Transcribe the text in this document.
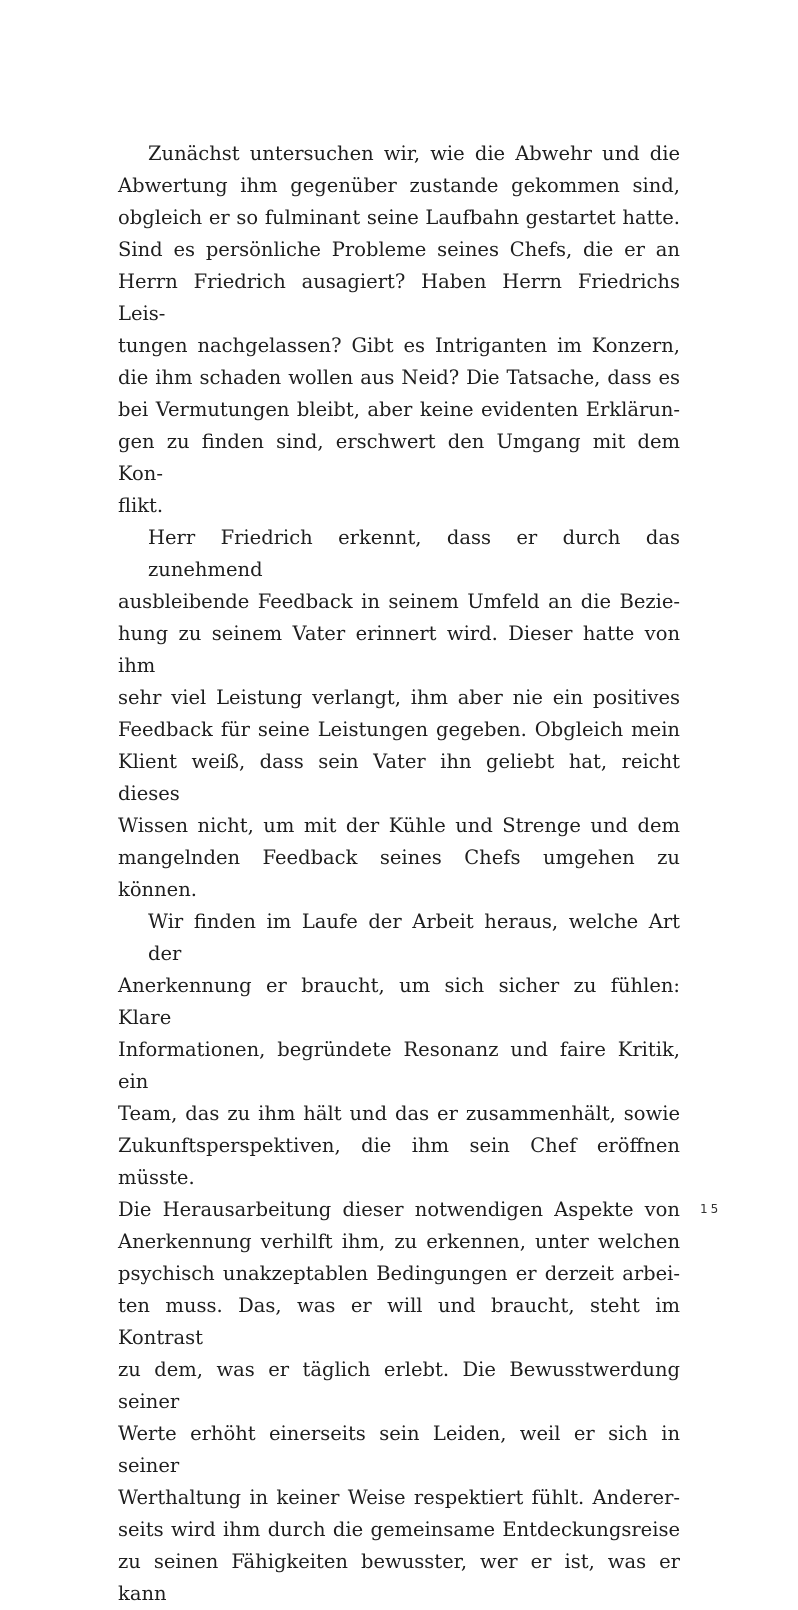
Zunächst untersuchen wir, wie die Abwehr und die
Abwertung ihm gegenüber zustande gekommen sind,
obgleich er so fulminant seine Laufbahn gestartet hatte.
Sind es persönliche Probleme seines Chefs, die er an
Herrn Friedrich ausagiert? Haben Herrn Friedrichs Leis-
tungen nachgelassen? Gibt es Intriganten im Konzern,
die ihm schaden wollen aus Neid? Die Tatsache, dass es
bei Vermutungen bleibt, aber keine evidenten Erklärun-
gen zu finden sind, erschwert den Umgang mit dem Kon-
flikt.

Herr Friedrich erkennt, dass er durch das zunehmend
ausbleibende Feedback in seinem Umfeld an die Bezie-
hung zu seinem Vater erinnert wird. Dieser hatte von ihm
sehr viel Leistung verlangt, ihm aber nie ein positives
Feedback für seine Leistungen gegeben. Obgleich mein
Klient weiß, dass sein Vater ihn geliebt hat, reicht dieses
Wissen nicht, um mit der Kühle und Strenge und dem
mangelnden Feedback seines Chefs umgehen zu können.

Wir finden im Laufe der Arbeit heraus, welche Art der
Anerkennung er braucht, um sich sicher zu fühlen: Klare
Informationen, begründete Resonanz und faire Kritik, ein
Team, das zu ihm hält und das er zusammenhält, sowie
Zukunftsperspektiven, die ihm sein Chef eröffnen müsste.
Die Herausarbeitung dieser notwendigen Aspekte von
Anerkennung verhilft ihm, zu erkennen, unter welchen
psychisch unakzeptablen Bedingungen er derzeit arbei-
ten muss. Das, was er will und braucht, steht im Kontrast
zu dem, was er täglich erlebt. Die Bewusstwerdung seiner
Werte erhöht einerseits sein Leiden, weil er sich in seiner
Werthaltung in keiner Weise respektiert fühlt. Anderer-
seits wird ihm durch die gemeinsame Entdeckungsreise
zu seinen Fähigkeiten bewusster, wer er ist, was er kann

15
